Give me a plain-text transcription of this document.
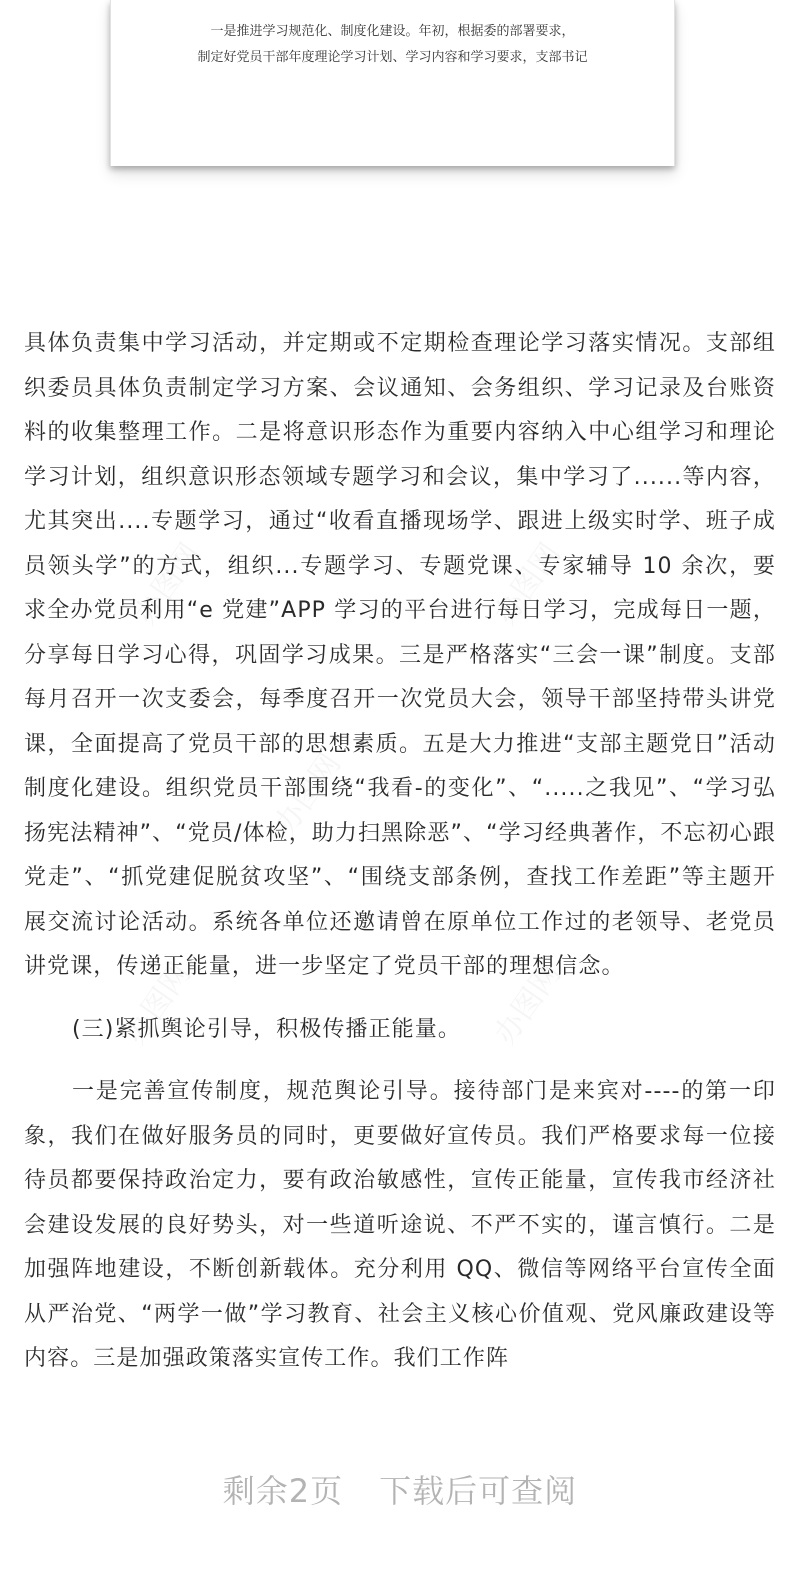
一是推进学习规范化、制度化建设。年初，根据委的部署要求，
制定好党员干部年度理论学习计划、学习内容和学习要求，支部书记
办图网	办图网
办图网
办图网	办图网

具体负责集中学习活动，并定期或不定期检查理论学习落实情况。支部组织委员具体负责制定学习方案、会议通知、会务组织、学习记录及台账资料的收集整理工作。二是将意识形态作为重要内容纳入中心组学习和理论学习计划，组织意识形态领域专题学习和会议，集中学习了......等内容，尤其突出....专题学习，通过“收看直播现场学、跟进上级实时学、班子成员领头学”的方式，组织...专题学习、专题党课、专家辅导 10 余次，要求全办党员利用“e 党建”APP 学习的平台进行每日学习，完成每日一题，分享每日学习心得，巩固学习成果。三是严格落实“三会一课”制度。支部每月召开一次支委会，每季度召开一次党员大会，领导干部坚持带头讲党课，全面提高了党员干部的思想素质。五是大力推进“支部主题党日”活动制度化建设。组织党员干部围绕“我看-的变化”、“.....之我见”、“学习弘扬宪法精神”、“党员/体检，助力扫黑除恶”、“学习经典著作，不忘初心跟党走”、“抓党建促脱贫攻坚”、“围绕支部条例，查找工作差距”等主题开展交流讨论活动。系统各单位还邀请曾在原单位工作过的老领导、老党员讲党课，传递正能量，进一步坚定了党员干部的理想信念。

(三)紧抓舆论引导，积极传播正能量。

一是完善宣传制度，规范舆论引导。接待部门是来宾对----的第一印象，我们在做好服务员的同时，更要做好宣传员。我们严格要求每一位接待员都要保持政治定力，要有政治敏感性，宣传正能量，宣传我市经济社会建设发展的良好势头，对一些道听途说、不严不实的，谨言慎行。二是加强阵地建设，不断创新载体。充分利用 QQ、微信等网络平台宣传全面从严治党、“两学一做”学习教育、社会主义核心价值观、党风廉政建设等内容。三是加强政策落实宣传工作。我们工作阵

剩余2页 下载后可查阅
